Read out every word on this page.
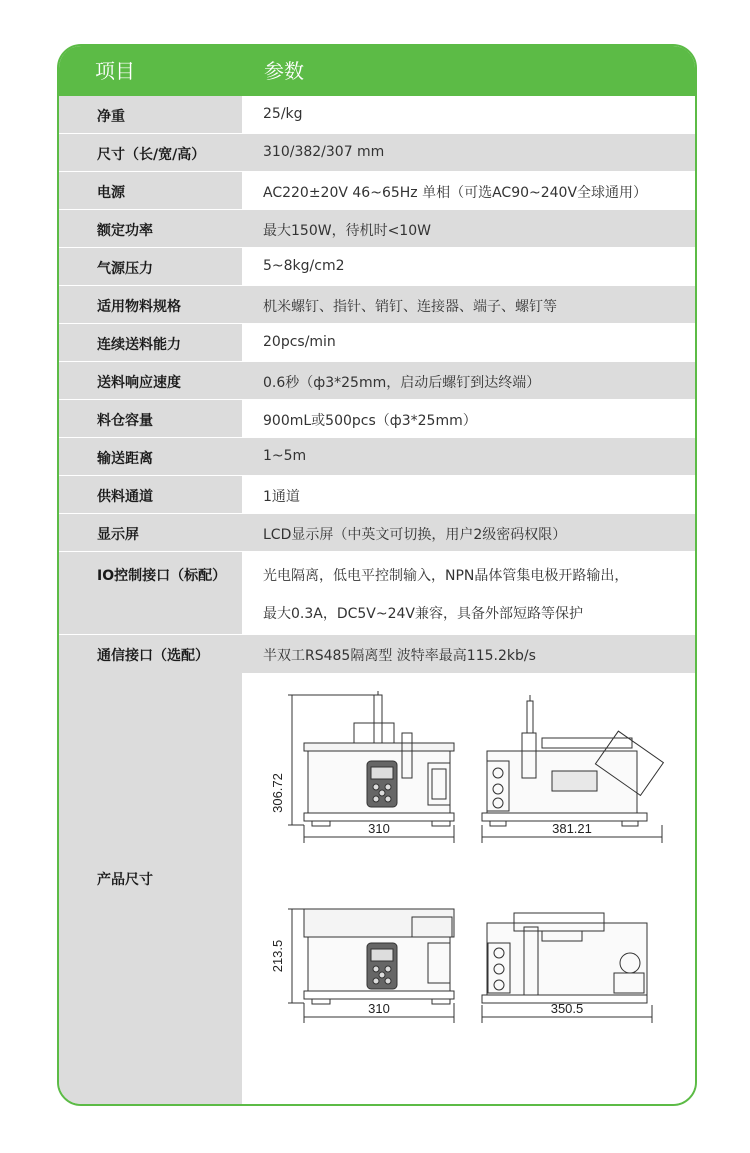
项目	参数
净重	25/kg
尺寸（长/宽/高）	310/382/307 mm
电源	AC220±20V 46~65Hz 单相（可选AC90~240V全球通用）
额定功率	最大150W，待机时<10W
气源压力	5~8kg/cm2
适用物料规格	机米螺钉、指针、销钉、连接器、端子、螺钉等
连续送料能力	20pcs/min
送料响应速度	0.6秒（ф3*25mm，启动后螺钉到达终端）
料仓容量	900mL或500pcs（ф3*25mm）
输送距离	1~5m
供料通道	1通道
显示屏	LCD显示屏（中英文可切换，用户2级密码权限）
IO控制接口（标配）	光电隔离，低电平控制输入，NPN晶体管集电极开路输出，
最大0.3A，DC5V~24V兼容，具备外部短路等保护
通信接口（选配）	半双工RS485隔离型 波特率最高115.2kb/s
产品尺寸
306.72
310	381.21
213.5
310	350.5
